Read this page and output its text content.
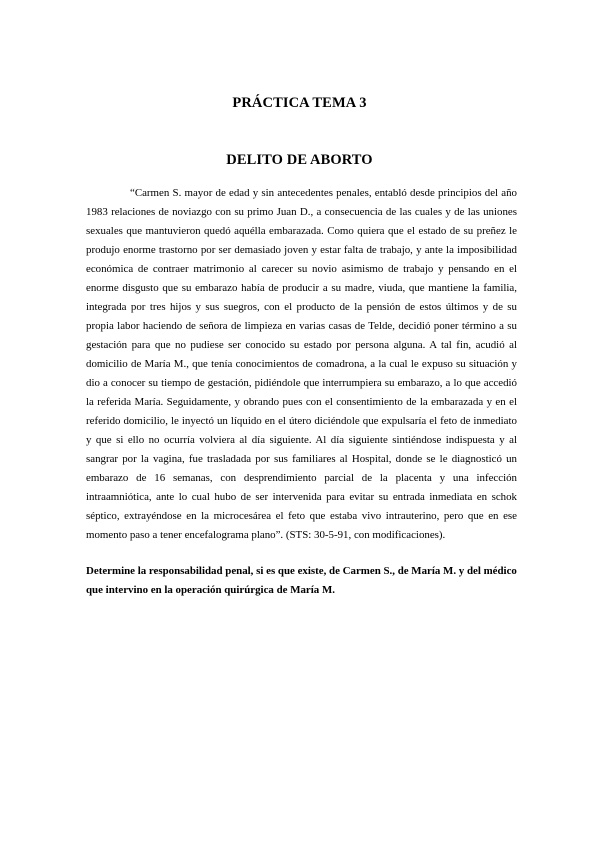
PRÁCTICA TEMA 3
DELITO DE ABORTO

“Carmen S. mayor de edad y sin antecedentes penales, entabló desde principios del año 1983 relaciones de noviazgo con su primo Juan D., a consecuencia de las cuales y de las uniones sexuales que mantuvieron quedó aquélla embarazada. Como quiera que el estado de su preñez le produjo enorme trastorno por ser demasiado joven y estar falta de trabajo, y ante la imposibilidad económica de contraer matrimonio al carecer su novio asimismo de trabajo y pensando en el enorme disgusto que su embarazo había de producir a su madre, viuda, que mantiene la familia, integrada por tres hijos y sus suegros, con el producto de la pensión de estos últimos y de su propia labor haciendo de señora de limpieza en varias casas de Telde, decidió poner término a su gestación para que no pudiese ser conocido su estado por persona alguna. A tal fin, acudió al domicilio de María M., que tenía conocimientos de comadrona, a la cual le expuso su situación y dio a conocer su tiempo de gestación, pidiéndole que interrumpiera su embarazo, a lo que accedió la referida María. Seguidamente, y obrando pues con el consentimiento de la embarazada y en el referido domicilio, le inyectó un líquido en el útero diciéndole que expulsaría el feto de inmediato y que si ello no ocurría volviera al día siguiente. Al día siguiente sintiéndose indispuesta y al sangrar por la vagina, fue trasladada por sus familiares al Hospital, donde se le diagnosticó un embarazo de 16 semanas, con desprendimiento parcial de la placenta y una infección intraamniótica, ante lo cual hubo de ser intervenida para evitar su entrada inmediata en schok séptico, extrayéndose en la microcesárea el feto que estaba vivo intrauterino, pero que en ese momento paso a tener encefalograma plano”. (STS: 30-5-91, con modificaciones).

Determine la responsabilidad penal, si es que existe, de Carmen S., de María M. y del médico que intervino en la operación quirúrgica de María M.
